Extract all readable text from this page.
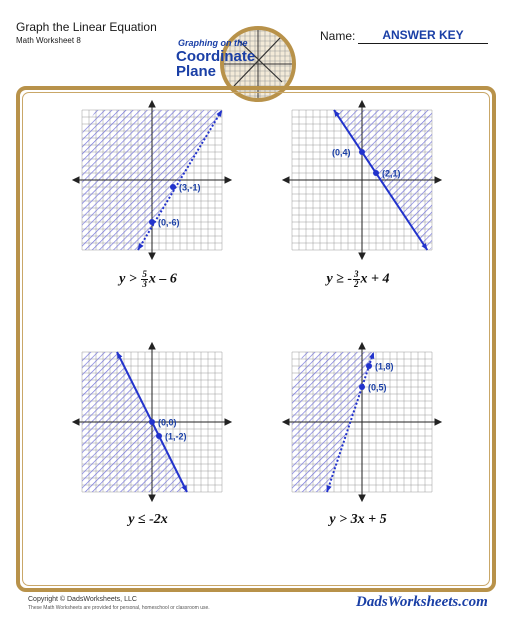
Graph the Linear Equation
Math Worksheet 8	Graphing on the
Coordinate
Plane
Name:	ANSWER KEY
(3,-1)
(0,-6)
(0,4)
(2,1)
(0,0)
(1,-2)
(1,8)
(0,5)
$y > \frac{5}{3}$ x – 6	y ≥ - $\frac{3}{2}$ x + 4
y ≤ -2x	y > 3x + 5
Copyright © DadsWorksheets, LLC
These Math Worksheets are provided for personal, homeschool or classroom use.	DadsWorksheets.com
